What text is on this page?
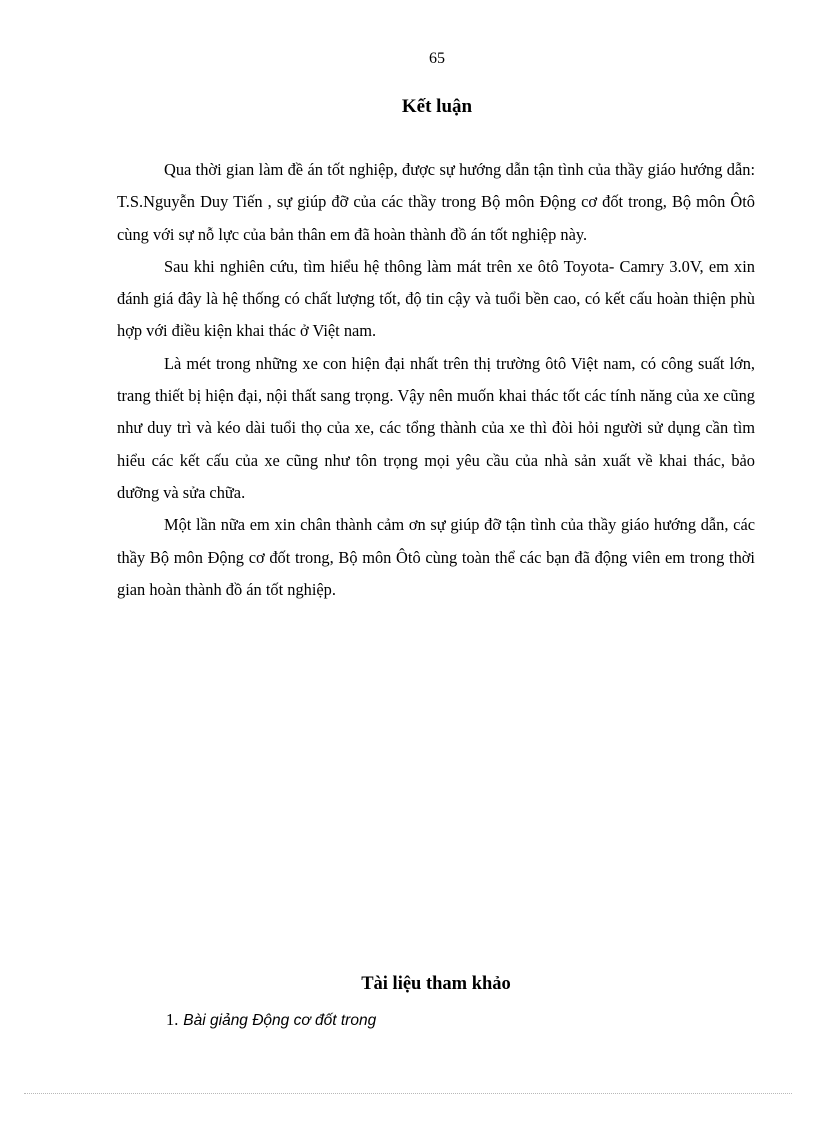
65
Kết luận

Qua thời gian làm đề án tốt nghiệp, được sự hướng dẫn tận tình của thầy giáo hướng dẫn: T.S.Nguyễn Duy Tiến , sự giúp đỡ của các thầy trong Bộ môn Động cơ đốt trong, Bộ môn Ôtô cùng với sự nỗ lực của bản thân em đã hoàn thành đồ án tốt nghiệp này.

Sau khi nghiên cứu, tìm hiểu hệ thông làm mát trên xe ôtô Toyota- Camry 3.0V, em xin đánh giá đây là hệ thống có chất lượng tốt, độ tin cậy và tuổi bền cao, có kết cấu hoàn thiện phù hợp với điều kiện khai thác ở Việt nam.

Là mét trong những xe con hiện đại nhất trên thị trường ôtô Việt nam, có công suất lớn, trang thiết bị hiện đại, nội thất sang trọng. Vậy nên muốn khai thác tốt các tính năng của xe cũng như duy trì và kéo dài tuổi thọ của xe, các tổng thành của xe thì đòi hỏi người sử dụng cần tìm hiểu các kết cấu của xe cũng như tôn trọng mọi yêu cầu của nhà sản xuất về khai thác, bảo dưỡng và sửa chữa.

Một lần nữa em xin chân thành cảm ơn sự giúp đỡ tận tình của thầy giáo hướng dẫn, các thầy Bộ môn Động cơ đốt trong, Bộ môn Ôtô cùng toàn thể các bạn đã động viên em trong thời gian hoàn thành đồ án tốt nghiệp.

Tài liệu tham khảo
1. Bài giảng Động cơ đốt trong
